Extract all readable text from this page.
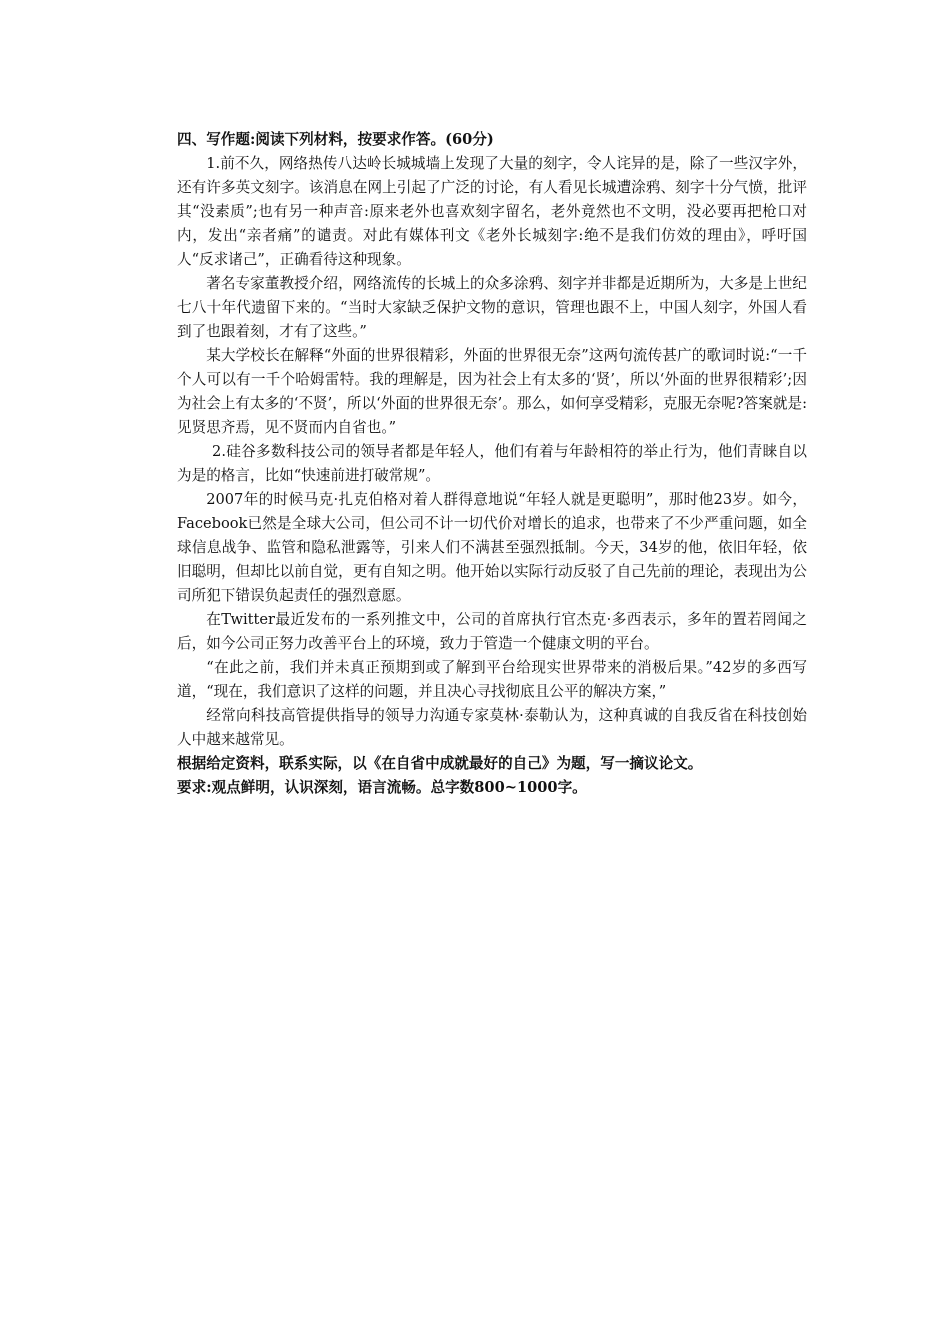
四、写作题:阅读下列材料，按要求作答。(60分)

1.前不久，网络热传八达岭长城城墙上发现了大量的刻字，令人诧异的是，除了一些汉字外，还有许多英文刻字。该消息在网上引起了广泛的讨论，有人看见长城遭涂鸦、刻字十分气愤，批评其“没素质”;也有另一种声音:原来老外也喜欢刻字留名，老外竟然也不文明，没必要再把枪口对内，发出“亲者痛”的谴责。对此有媒体刊文《老外长城刻字:绝不是我们仿效的理由》，呼吁国人“反求诸己”，正确看待这种现象。

著名专家董教授介绍，网络流传的长城上的众多涂鸦、刻字并非都是近期所为，大多是上世纪七八十年代遗留下来的。“当时大家缺乏保护文物的意识，管理也跟不上，中国人刻字，外国人看到了也跟着刻，才有了这些。”

某大学校长在解释“外面的世界很精彩，外面的世界很无奈”这两句流传甚广的歌词时说:“一千个人可以有一千个哈姆雷特。我的理解是，因为社会上有太多的‘贤’，所以‘外面的世界很精彩’;因为社会上有太多的‘不贤’，所以‘外面的世界很无奈’。那么，如何享受精彩，克服无奈呢?答案就是:见贤思齐焉，见不贤而内自省也。”

2.硅谷多数科技公司的领导者都是年轻人，他们有着与年龄相符的举止行为，他们青睐自以为是的格言，比如“快速前进打破常规”。

2007年的时候马克·扎克伯格对着人群得意地说“年轻人就是更聪明”，那时他23岁。如今，Facebook已然是全球大公司，但公司不计一切代价对增长的追求，也带来了不少严重问题，如全球信息战争、监管和隐私泄露等，引来人们不满甚至强烈抵制。今天，34岁的他，依旧年轻，依旧聪明，但却比以前自觉，更有自知之明。他开始以实际行动反驳了自己先前的理论，表现出为公司所犯下错误负起责任的强烈意愿。

在Twitter最近发布的一系列推文中，公司的首席执行官杰克·多西表示，多年的置若罔闻之后，如今公司正努力改善平台上的环境，致力于管造一个健康文明的平台。

“在此之前，我们并未真正预期到或了解到平台给现实世界带来的消极后果。”42岁的多西写道，“现在，我们意识了这样的问题，并且决心寻找彻底且公平的解决方案，”

经常向科技高管提供指导的领导力沟通专家莫林·泰勒认为，这种真诚的自我反省在科技创始人中越来越常见。

根据给定资料，联系实际，以《在自省中成就最好的自己》为题，写一摘议论文。

要求:观点鲜明，认识深刻，语言流畅。总字数800~1000字。
